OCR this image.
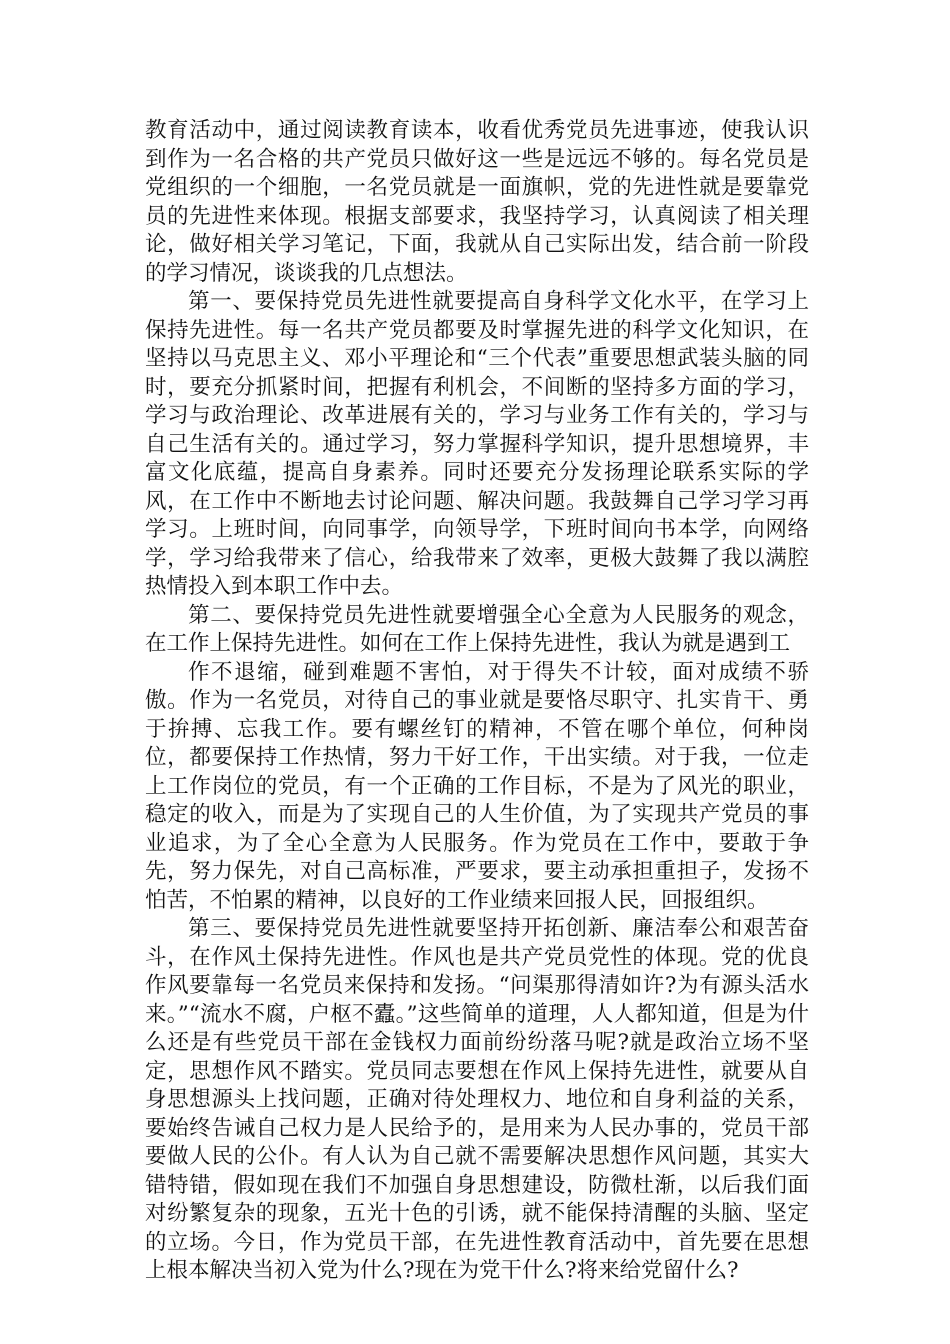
教育活动中，通过阅读教育读本，收看优秀党员先进事迹，使我认识到作为一名合格的共产党员只做好这一些是远远不够的。每名党员是党组织的一个细胞，一名党员就是一面旗帜，党的先进性就是要靠党员的先进性来体现。根据支部要求，我坚持学习，认真阅读了相关理论，做好相关学习笔记，下面，我就从自己实际出发，结合前一阶段的学习情况，谈谈我的几点想法。

第一、要保持党员先进性就要提高自身科学文化水平，在学习上保持先进性。每一名共产党员都要及时掌握先进的科学文化知识，在坚持以马克思主义、邓小平理论和“三个代表”重要思想武装头脑的同时，要充分抓紧时间，把握有利机会，不间断的坚持多方面的学习，学习与政治理论、改革进展有关的，学习与业务工作有关的，学习与自己生活有关的。通过学习，努力掌握科学知识，提升思想境界，丰富文化底蕴，提高自身素养。同时还要充分发扬理论联系实际的学风，在工作中不断地去讨论问题、解决问题。我鼓舞自己学习学习再学习。上班时间，向同事学，向领导学，下班时间向书本学，向网络学，学习给我带来了信心，给我带来了效率，更极大鼓舞了我以满腔热情投入到本职工作中去。

第二、要保持党员先进性就要增强全心全意为人民服务的观念，在工作上保持先进性。如何在工作上保持先进性，我认为就是遇到工

作不退缩，碰到难题不害怕，对于得失不计较，面对成绩不骄傲。作为一名党员，对待自己的事业就是要恪尽职守、扎实肯干、勇于拚搏、忘我工作。要有螺丝钉的精神，不管在哪个单位，何种岗位，都要保持工作热情，努力干好工作，干出实绩。对于我，一位走上工作岗位的党员，有一个正确的工作目标，不是为了风光的职业，稳定的收入，而是为了实现自己的人生价值，为了实现共产党员的事业追求，为了全心全意为人民服务。作为党员在工作中，要敢于争先，努力保先，对自己高标准，严要求，要主动承担重担子，发扬不怕苦，不怕累的精神，以良好的工作业绩来回报人民，回报组织。

第三、要保持党员先进性就要坚持开拓创新、廉洁奉公和艰苦奋斗，在作风土保持先进性。作风也是共产党员党性的体现。党的优良作风要靠每一名党员来保持和发扬。“问渠那得清如许?为有源头活水来。”“流水不腐，户枢不蠹。”这些简单的道理，人人都知道，但是为什么还是有些党员干部在金钱权力面前纷纷落马呢?就是政治立场不坚定，思想作风不踏实。党员同志要想在作风上保持先进性，就要从自身思想源头上找问题，正确对待处理权力、地位和自身利益的关系，要始终告诫自己权力是人民给予的，是用来为人民办事的，党员干部要做人民的公仆。有人认为自己就不需要解决思想作风问题，其实大错特错，假如现在我们不加强自身思想建设，防微杜渐，以后我们面对纷繁复杂的现象，五光十色的引诱，就不能保持清醒的头脑、坚定的立场。今日，作为党员干部，在先进性教育活动中，首先要在思想上根本解决当初入党为什么?现在为党干什么?将来给党留什么?
